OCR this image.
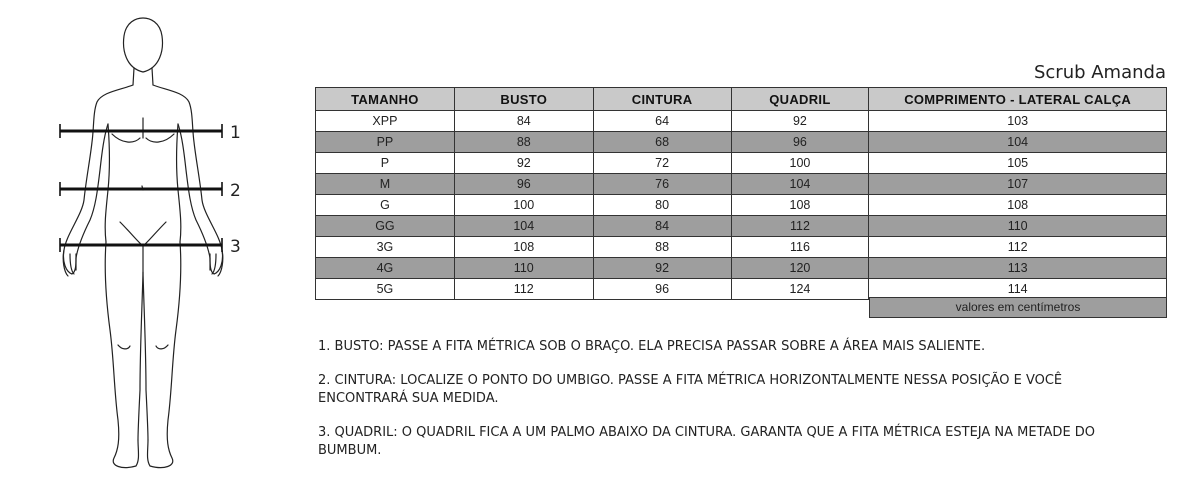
1
2
3
Scrub Amanda
TAMANHO	BUSTO	CINTURA	QUADRIL	COMPRIMENTO - LATERAL CALÇA
XPP	84	64	92	103
PP	88	68	96	104
P	92	72	100	105
M	96	76	104	107
G	100	80	108	108
GG	104	84	112	110
3G	108	88	116	112
4G	110	92	120	113
5G	112	96	124	114
valores em centímetros

1. BUSTO: PASSE A FITA MÉTRICA SOB O BRAÇO. ELA PRECISA PASSAR SOBRE A ÁREA MAIS SALIENTE.

2. CINTURA: LOCALIZE O PONTO DO UMBIGO. PASSE A FITA MÉTRICA HORIZONTALMENTE NESSA POSIÇÃO E VOCÊ ENCONTRARÁ SUA MEDIDA.

3. QUADRIL: O QUADRIL FICA A UM PALMO ABAIXO DA CINTURA. GARANTA QUE A FITA MÉTRICA ESTEJA NA METADE DO BUMBUM.
